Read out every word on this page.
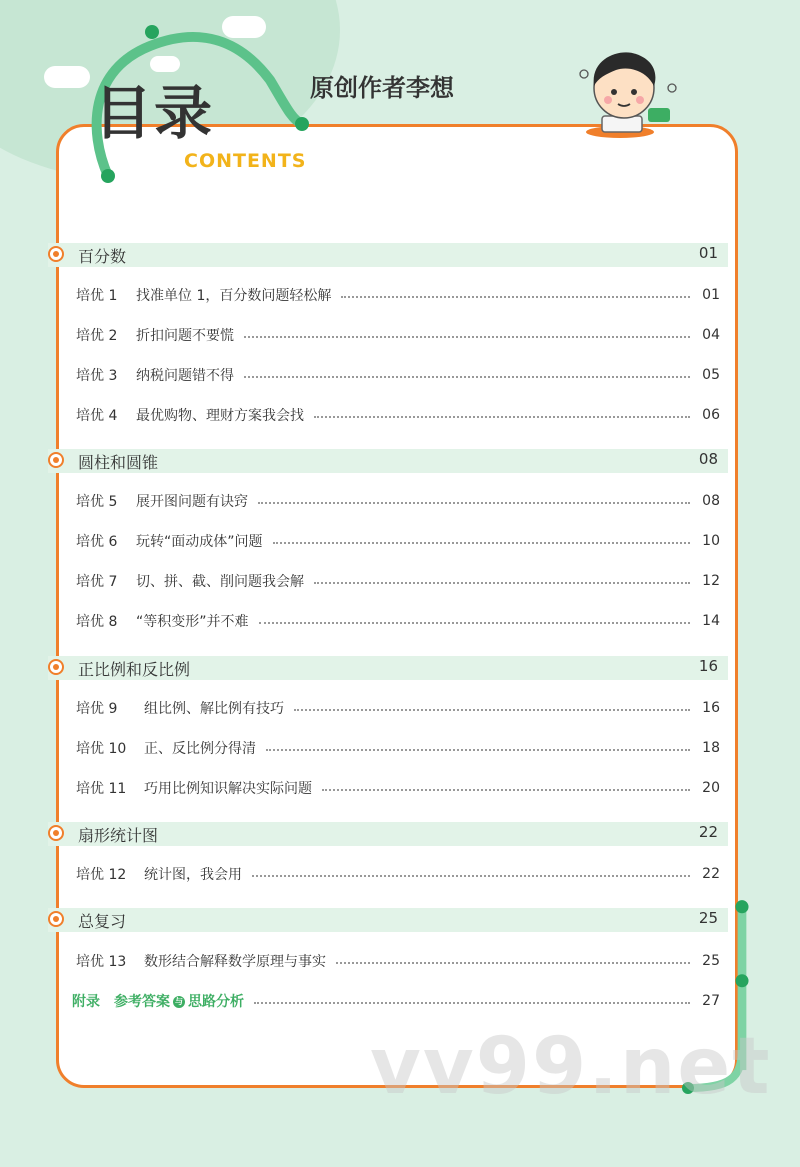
目录
CONTENTS
原创作者李想
百分数	01
培优 1	找准单位 1，百分数问题轻松解	01
培优 2	折扣问题不要慌	04
培优 3	纳税问题错不得	05
培优 4	最优购物、理财方案我会找	06
圆柱和圆锥	08
培优 5	展开图问题有诀窍	08
培优 6	玩转“面动成体”问题	10
培优 7	切、拼、截、削问题我会解	12
培优 8	“等积变形”并不难	14
正比例和反比例	16
培优 9	组比例、解比例有技巧	16
培优 10	正、反比例分得清	18
培优 11	巧用比例知识解决实际问题	20
扇形统计图	22
培优 12	统计图，我会用	22
总复习	25
培优 13	数形结合解释数学原理与事实	25
附录	参考答案 与 思路分析	27
vv99.net
